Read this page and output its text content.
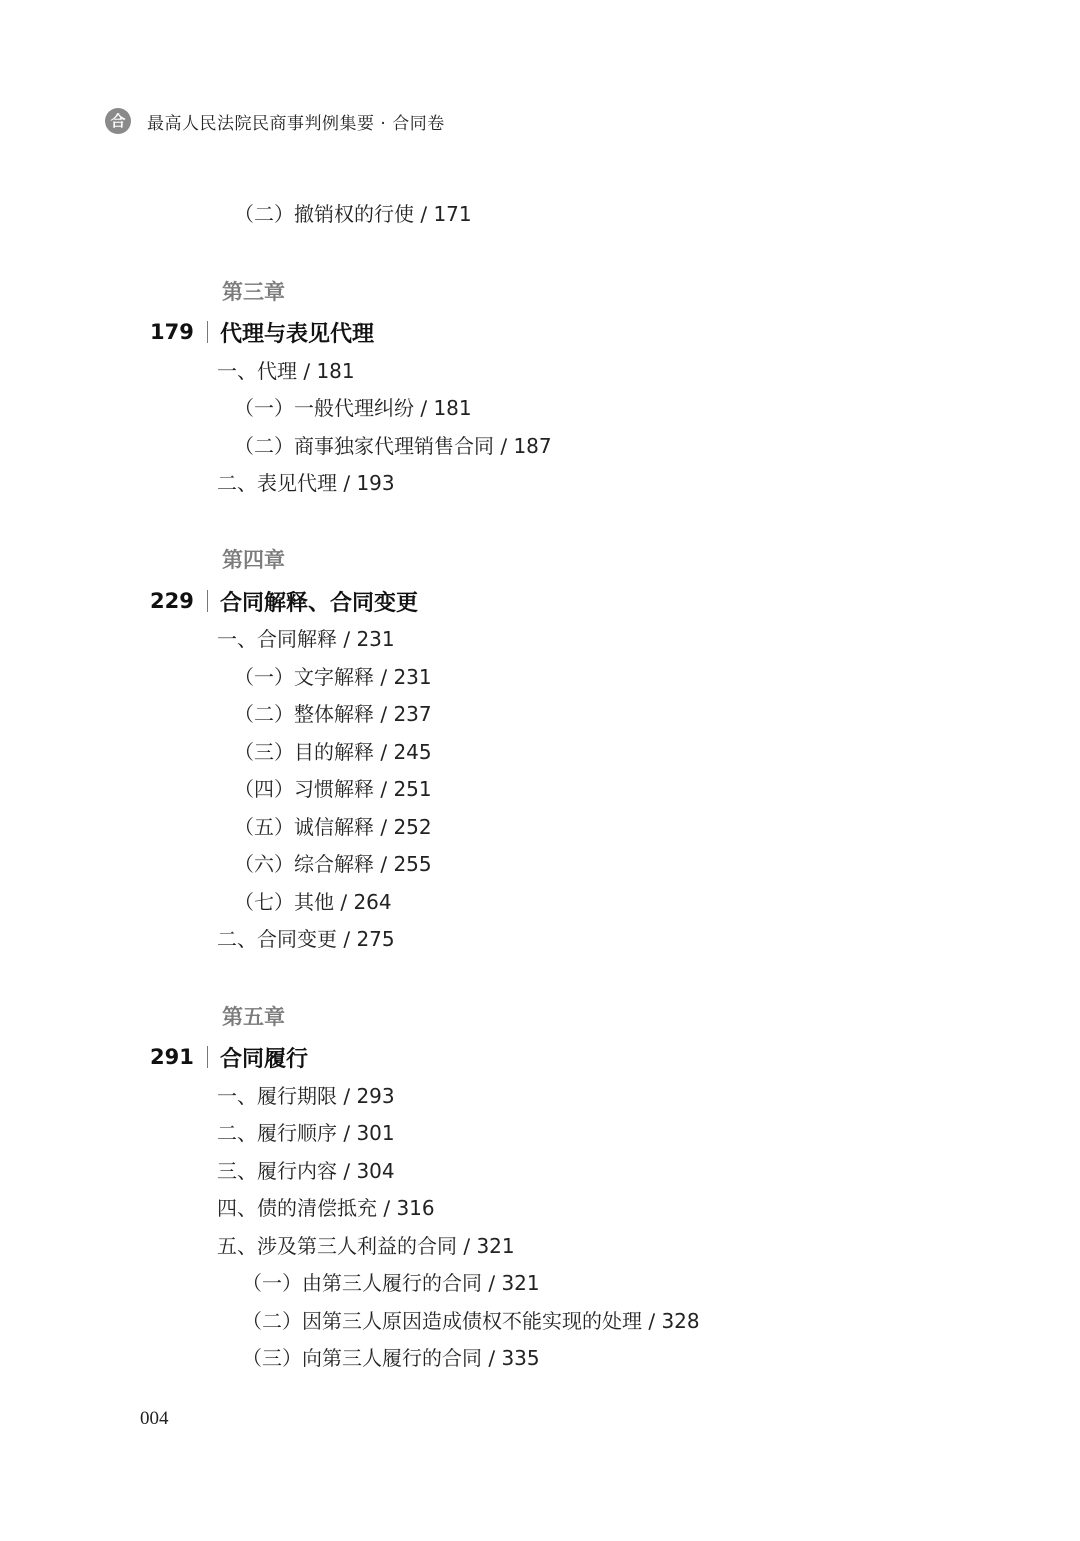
合	最高人民法院民商事判例集要 · 合同卷
（二）撤销权的行使 ∕ 171
第三章
179 代理与表见代理
一、代理 ∕ 181
（一）一般代理纠纷 ∕ 181
（二）商事独家代理销售合同 ∕ 187
二、表见代理 ∕ 193
第四章
229 合同解释、合同变更
一、合同解释 ∕ 231
（一）文字解释 ∕ 231
（二）整体解释 ∕ 237
（三）目的解释 ∕ 245
（四）习惯解释 ∕ 251
（五）诚信解释 ∕ 252
（六）综合解释 ∕ 255
（七）其他 ∕ 264
二、合同变更 ∕ 275
第五章
291 合同履行
一、履行期限 ∕ 293
二、履行顺序 ∕ 301
三、履行内容 ∕ 304
四、债的清偿抵充 ∕ 316
五、涉及第三人利益的合同 ∕ 321
（一）由第三人履行的合同 ∕ 321
（二）因第三人原因造成债权不能实现的处理 ∕ 328
（三）向第三人履行的合同 ∕ 335
004
